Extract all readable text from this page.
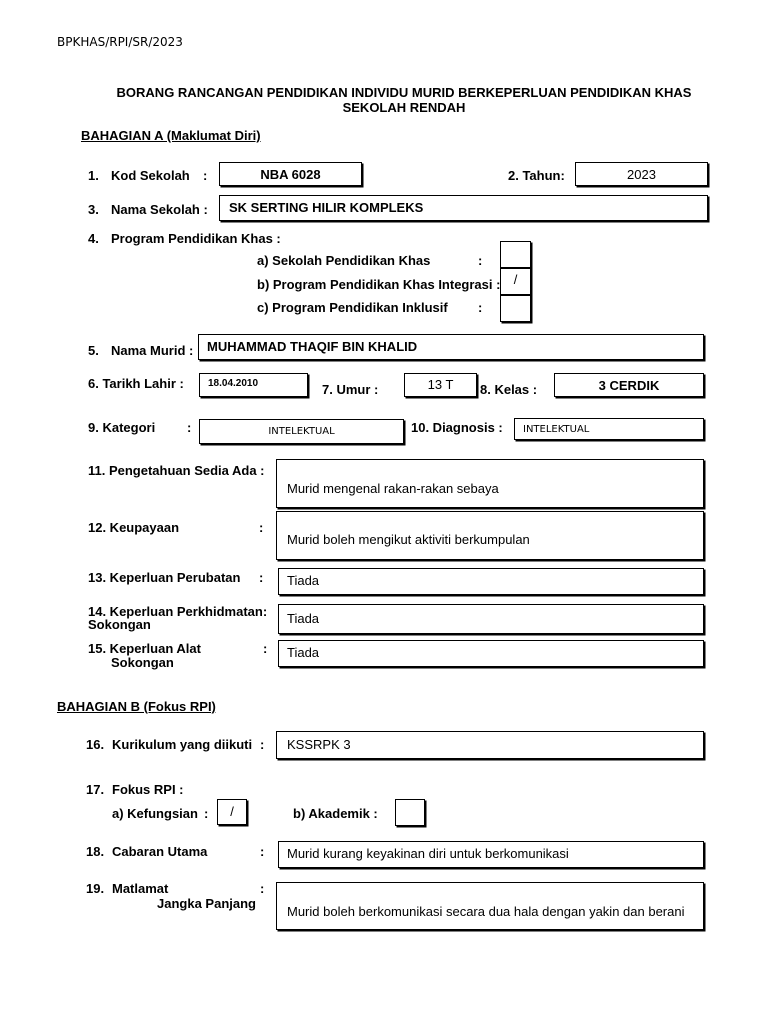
BPKHAS/RPI/SR/2023
BORANG RANCANGAN PENDIDIKAN INDIVIDU MURID BERKEPERLUAN PENDIDIKAN KHAS
SEKOLAH RENDAH
BAHAGIAN A (Maklumat Diri)
1. Kod Sekolah :	NBA 6028	2. Tahun:	2023
3. Nama Sekolah :	SK SERTING HILIR KOMPLEKS
4. Program Pendidikan Khas :
a) Sekolah Pendidikan Khas	:
b) Program Pendidikan Khas Integrasi :	/
c) Program Pendidikan Inklusif :
5. Nama Murid :	MUHAMMAD THAQIF BIN KHALID
6. Tarikh Lahir :	18.04.2010	7. Umur :	13 T	8. Kelas :	3 CERDIK
9. Kategori :	INTELEKTUAL	10. Diagnosis :	INTELEKTUAL
11. Pengetahuan Sedia Ada :
Murid mengenal rakan-rakan sebaya
12. Keupayaan	:
Murid boleh mengikut aktiviti berkumpulan
13. Keperluan Perubatan :	Tiada
14. Keperluan Perkhidmatan:
Sokongan	Tiada
15. Keperluan Alat
Sokongan
:	Tiada
BAHAGIAN B (Fokus RPI)
16. Kurikulum yang diikuti :	KSSRPK 3
17. Fokus RPI :
a) Kefungsian :	/	b) Akademik :
18. Cabaran Utama	:	Murid kurang keyakinan diri untuk berkomunikasi
19. Matlamat
Jangka Panjang
:
Murid boleh berkomunikasi secara dua hala dengan yakin dan berani
